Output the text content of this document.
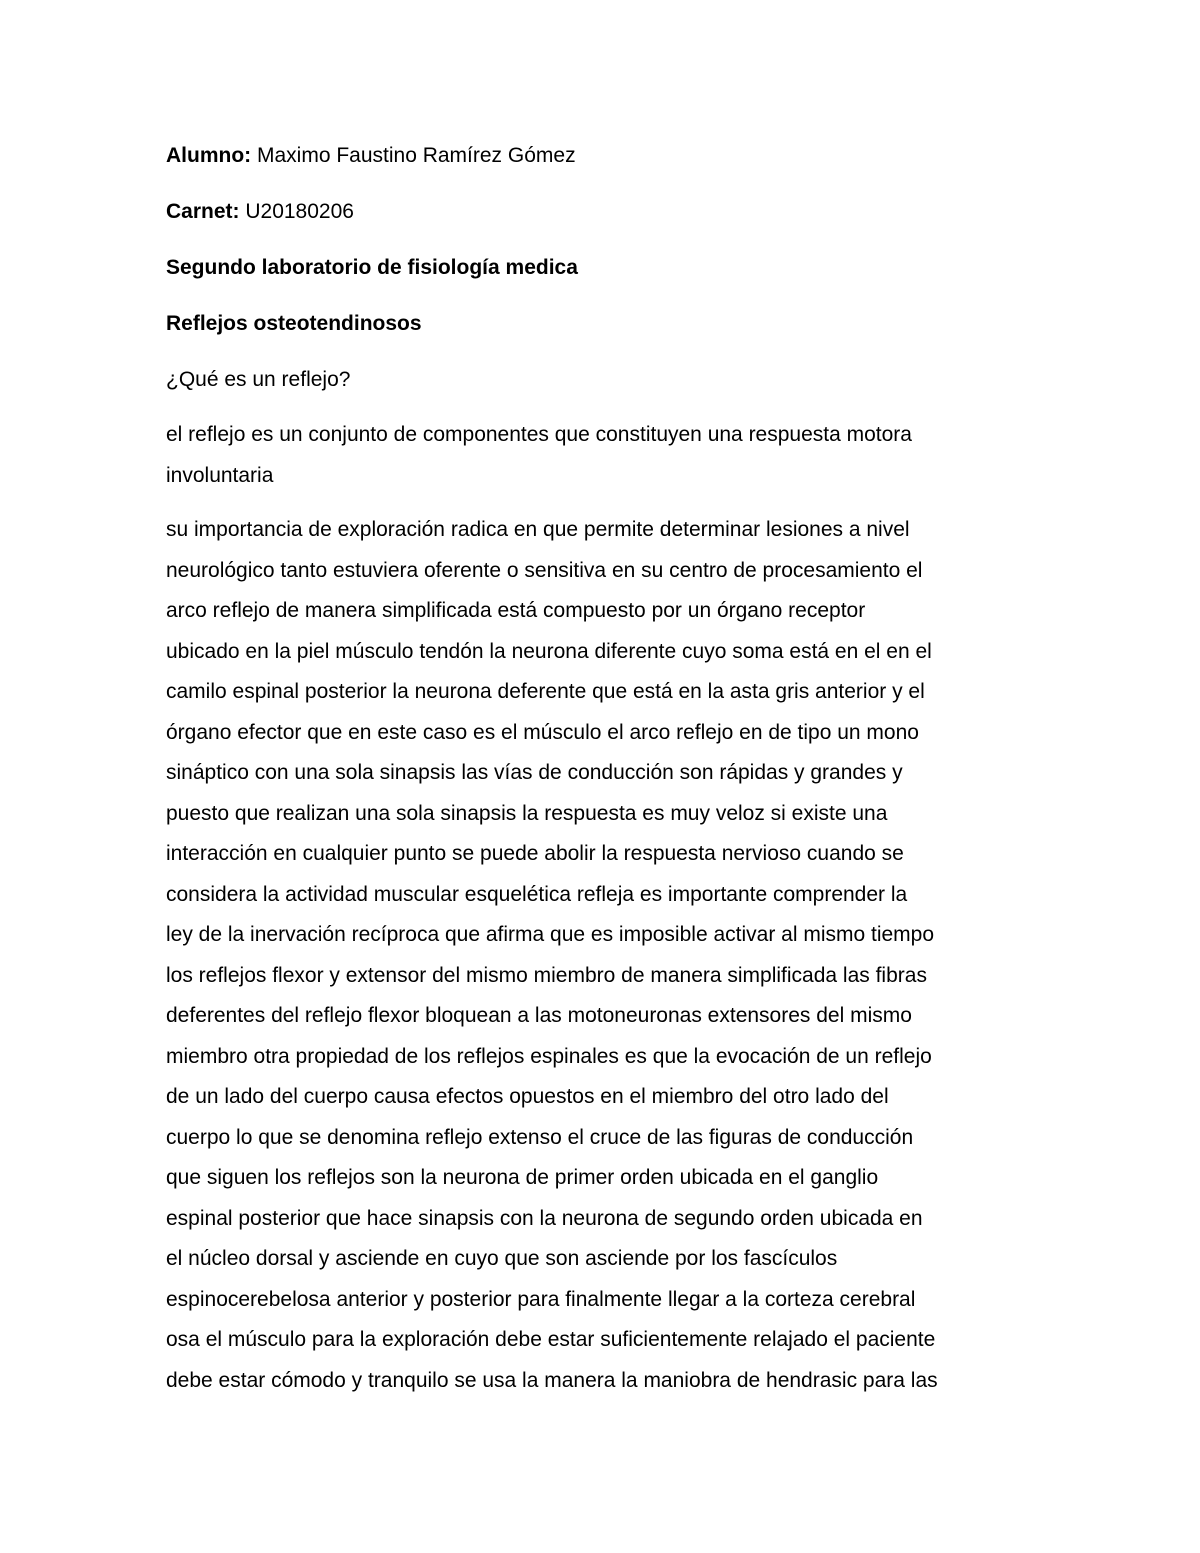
Alumno: Maximo Faustino Ramírez Gómez

Carnet: U20180206

Segundo laboratorio de fisiología medica

Reflejos osteotendinosos

¿Qué es un reflejo?

el reflejo es un conjunto de componentes que constituyen una respuesta motora
involuntaria
su importancia de exploración radica en que permite determinar lesiones a nivel
neurológico tanto estuviera oferente o sensitiva en su centro de procesamiento el
arco reflejo de manera simplificada está compuesto por un órgano receptor
ubicado en la piel músculo tendón la neurona diferente cuyo soma está en el en el
camilo espinal posterior la neurona deferente que está en la asta gris anterior y el
órgano efector que en este caso es el músculo el arco reflejo en de tipo un mono
sináptico con una sola sinapsis las vías de conducción son rápidas y grandes y
puesto que realizan una sola sinapsis la respuesta es muy veloz si existe una
interacción en cualquier punto se puede abolir la respuesta nervioso cuando se
considera la actividad muscular esquelética refleja es importante comprender la
ley de la inervación recíproca que afirma que es imposible activar al mismo tiempo
los reflejos flexor y extensor del mismo miembro de manera simplificada las fibras
deferentes del reflejo flexor bloquean a las motoneuronas extensores del mismo
miembro otra propiedad de los reflejos espinales es que la evocación de un reflejo
de un lado del cuerpo causa efectos opuestos en el miembro del otro lado del
cuerpo lo que se denomina reflejo extenso el cruce de las figuras de conducción
que siguen los reflejos son la neurona de primer orden ubicada en el ganglio
espinal posterior que hace sinapsis con la neurona de segundo orden ubicada en
el núcleo dorsal y asciende en cuyo que son asciende por los fascículos
espinocerebelosa anterior y posterior para finalmente llegar a la corteza cerebral
osa el músculo para la exploración debe estar suficientemente relajado el paciente
debe estar cómodo y tranquilo se usa la manera la maniobra de hendrasic para las
